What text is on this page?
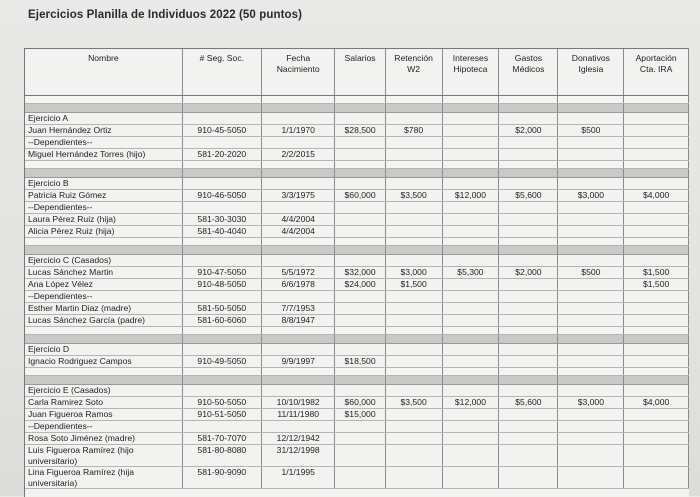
Ejercicios Planilla de Individuos 2022 (50 puntos)
Nombre	# Seg. Soc.	Fecha Nacimiento	Salarios	Retención W2	Intereses Hipoteca	Gastos Médicos	Donativos Iglesia	Aportación Cta. IRA

Ejercicio A								
Juan Hernández Ortiz	910-45-5050	1/1/1970	$28,500	$780		$2,000	$500	
--Dependientes--								
Miguel Hernández Torres (hijo)	581-20-2020	2/2/2015						

Ejercicio B								
Patricia Ruiz Gómez	910-46-5050	3/3/1975	$60,000	$3,500	$12,000	$5,600	$3,000	$4,000
--Dependientes--								
Laura Pérez Ruiz (hija)	581-30-3030	4/4/2004						
Alicia Pérez Ruiz (hija)	581-40-4040	4/4/2004						

Ejercicio C (Casados)								
Lucas Sánchez Martin	910-47-5050	5/5/1972	$32,000	$3,000	$5,300	$2,000	$500	$1,500
Ana López Vélez	910-48-5050	6/6/1978	$24,000	$1,500				$1,500
--Dependientes--								
Esther Martin Diaz (madre)	581-50-5050	7/7/1953						
Lucas Sánchez García (padre)	581-60-6060	8/8/1947						

Ejercicio D								
Ignacio Rodriguez Campos	910-49-5050	9/9/1997	$18,500					

Ejercicio E (Casados)								
Carla Ramirez Soto	910-50-5050	10/10/1982	$60,000	$3,500	$12,000	$5,600	$3,000	$4,000
Juan Figueroa Ramos	910-51-5050	11/11/1980	$15,000					
--Dependientes--								
Rosa Soto Jiménez (madre)	581-70-7070	12/12/1942						
Luis Figueroa Ramírez (hijo universitario)	581-80-8080	31/12/1998						
Lina Figueroa Ramírez (hija universitaria)	581-90-9090	1/1/1995						
